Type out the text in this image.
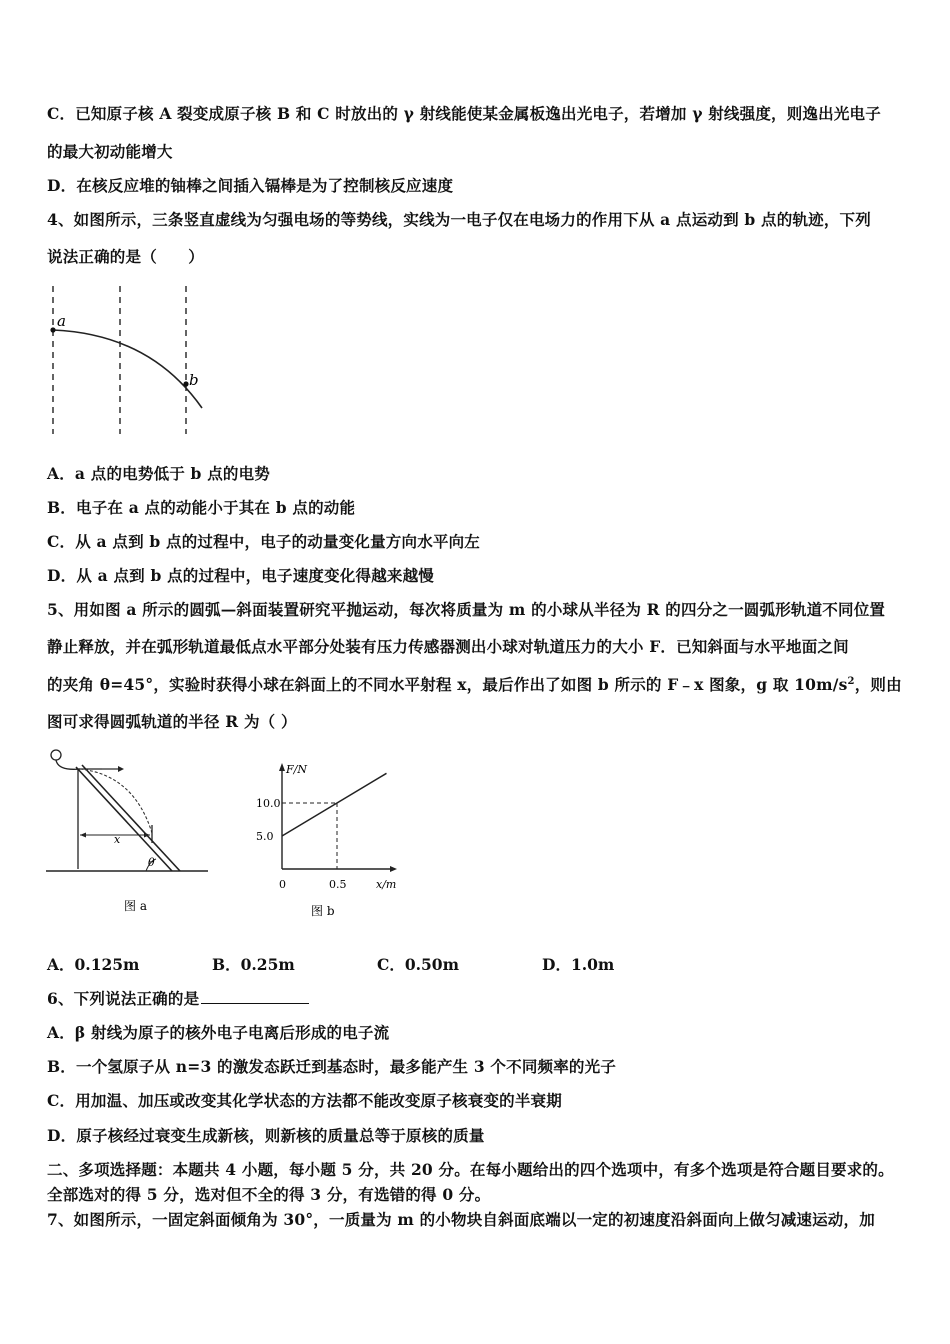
C．已知原子核 A 裂变成原子核 B 和 C 时放出的 γ 射线能使某金属板逸出光电子，若增加 γ 射线强度，则逸出光电子
的最大初动能增大
D．在核反应堆的铀棒之间插入镉棒是为了控制核反应速度
4、如图所示，三条竖直虚线为匀强电场的等势线，实线为一电子仅在电场力的作用下从 a 点运动到 b 点的轨迹，下列
说法正确的是（　　）
a
b
A．a 点的电势低于 b 点的电势
B．电子在 a 点的动能小于其在 b 点的动能
C．从 a 点到 b 点的过程中，电子的动量变化量方向水平向左
D．从 a 点到 b 点的过程中，电子速度变化得越来越慢
5、用如图 a 所示的圆弧—斜面装置研究平抛运动，每次将质量为 m 的小球从半径为 R 的四分之一圆弧形轨道不同位置
静止释放，并在弧形轨道最低点水平部分处装有压力传感器测出小球对轨道压力的大小 F．已知斜面与水平地面之间
的夹角 θ=45°，实验时获得小球在斜面上的不同水平射程 x，最后作出了如图 b 所示的 F﹣x 图象，g 取 $10m/s^2$，则由
图可求得圆弧轨道的半径 R 为（ ）
x
θ
图 a
F/N
x/m
10.0
5.0
0	0.5
图 b
A．0.125m	B．0.25m	C．0.50m	D．1.0m
6、下列说法正确的是
A．β 射线为原子的核外电子电离后形成的电子流
B．一个氢原子从 n=3 的激发态跃迁到基态时，最多能产生 3 个不同频率的光子
C．用加温、加压或改变其化学状态的方法都不能改变原子核衰变的半衰期
D．原子核经过衰变生成新核，则新核的质量总等于原核的质量
二、多项选择题：本题共 4 小题，每小题 5 分，共 20 分。在每小题给出的四个选项中，有多个选项是符合题目要求的。
全部选对的得 5 分，选对但不全的得 3 分，有选错的得 0 分。
7、如图所示，一固定斜面倾角为 30°，一质量为 m 的小物块自斜面底端以一定的初速度沿斜面向上做匀减速运动，加
